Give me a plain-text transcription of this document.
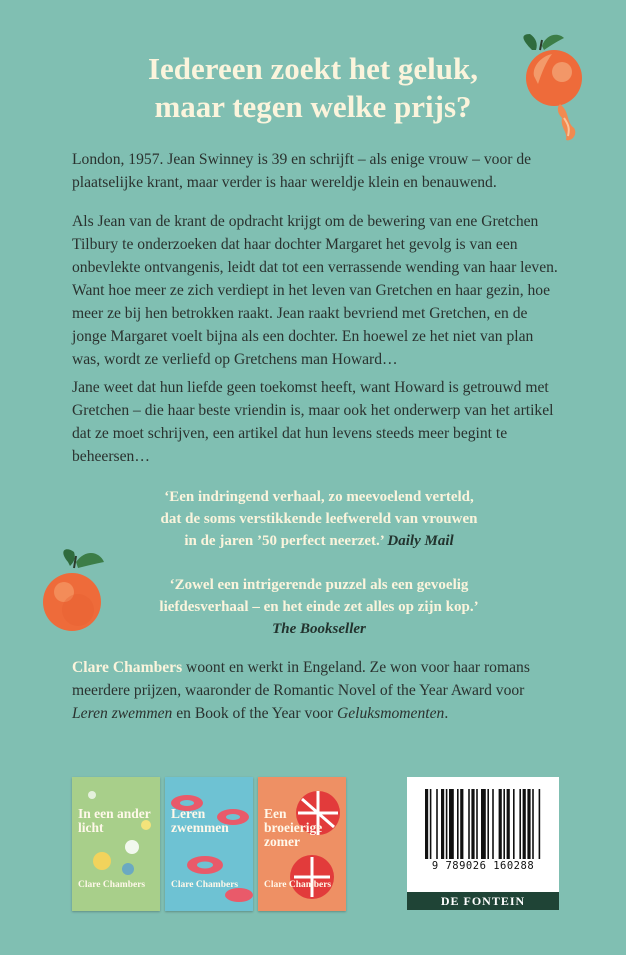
Iedereen zoekt het geluk,
maar tegen welke prijs?
London, 1957. Jean Swinney is 39 en schrijft – als enige vrouw – voor de plaatselijke krant, maar verder is haar wereldje klein en benauwend.
Als Jean van de krant de opdracht krijgt om de bewering van ene Gretchen Tilbury te onderzoeken dat haar dochter Margaret het gevolg is van een onbevlekte ontvangenis, leidt dat tot een verrassende wending van haar leven. Want hoe meer ze zich verdiept in het leven van Gretchen en haar gezin, hoe meer ze bij hen betrokken raakt. Jean raakt bevriend met Gretchen, en de jonge Margaret voelt bijna als een dochter. En hoewel ze het niet van plan was, wordt ze verliefd op Gretchens man Howard…
Jane weet dat hun liefde geen toekomst heeft, want Howard is getrouwd met Gretchen – die haar beste vriendin is, maar ook het onderwerp van het artikel dat ze moet schrijven, een artikel dat hun levens steeds meer begint te beheersen…
‘Een indringend verhaal, zo meevoelend verteld,
dat de soms verstikkende leefwereld van vrouwen
in de jaren ’50 perfect neerzet.’ Daily Mail
‘Zowel een intrigerende puzzel als een gevoelig
liefdesverhaal – en het einde zet alles op zijn kop.’
The Bookseller
Clare Chambers woont en werkt in Engeland. Ze won voor haar romans meerdere prijzen, waaronder de Romantic Novel of the Year Award voor Leren zwemmen en Book of the Year voor Geluksmomenten.
In een ander licht
Clare Chambers
Leren zwemmen
Clare Chambers
Een broeierige zomer
Clare Chambers
9 789026 160288
DE FONTEIN
